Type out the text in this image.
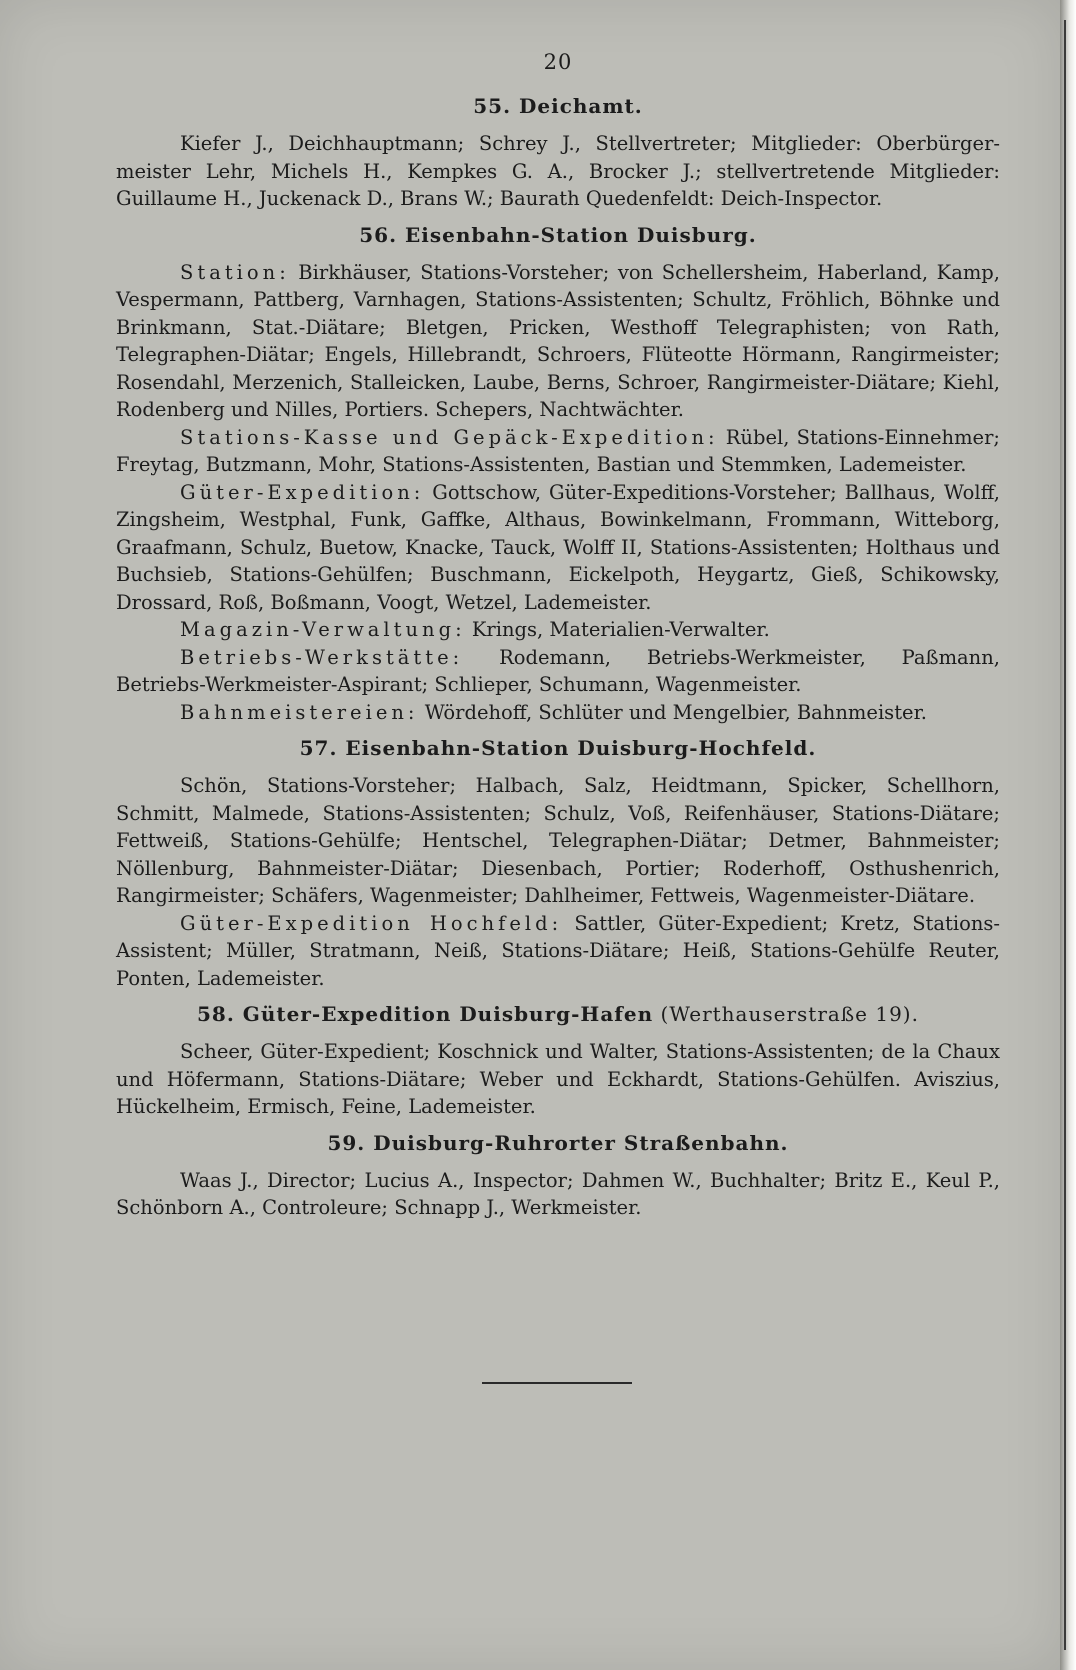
20
55. Deichamt.

Kiefer J., Deichhauptmann; Schrey J., Stellvertreter; Mitglieder: Oberbürger-meister Lehr, Michels H., Kempkes G. A., Brocker J.; stellvertretende Mitglieder: Guillaume H., Juckenack D., Brans W.; Baurath Quedenfeldt: Deich-Inspector.

56. Eisenbahn-Station Duisburg.

Station: Birkhäuser, Stations-Vorsteher; von Schellersheim, Haberland, Kamp, Vespermann, Pattberg, Varnhagen, Stations-Assistenten; Schultz, Fröhlich, Böhnke und Brinkmann, Stat.-Diätare; Bletgen, Pricken, Westhoff Telegraphisten; von Rath, Telegraphen-Diätar; Engels, Hillebrandt, Schroers, Flüteotte Hörmann, Rangirmeister; Rosendahl, Merzenich, Stalleicken, Laube, Berns, Schroer, Rangirmeister-Diätare; Kiehl, Rodenberg und Nilles, Portiers. Schepers, Nachtwächter.

Stations-Kasse und Gepäck-Expedition: Rübel, Stations-Einnehmer; Freytag, Butzmann, Mohr, Stations-Assistenten, Bastian und Stemmken, Lademeister.

Güter-Expedition: Gottschow, Güter-Expeditions-Vorsteher; Ballhaus, Wolff, Zingsheim, Westphal, Funk, Gaffke, Althaus, Bowinkelmann, Frommann, Witteborg, Graafmann, Schulz, Buetow, Knacke, Tauck, Wolff II, Stations-Assistenten; Holthaus und Buchsieb, Stations-Gehülfen; Buschmann, Eickelpoth, Heygartz, Gieß, Schikowsky, Drossard, Roß, Boßmann, Voogt, Wetzel, Lademeister.

Magazin-Verwaltung: Krings, Materialien-Verwalter.

Betriebs-Werkstätte: Rodemann, Betriebs-Werkmeister, Paßmann, Betriebs-Werkmeister-Aspirant; Schlieper, Schumann, Wagenmeister.

Bahnmeistereien: Wördehoff, Schlüter und Mengelbier, Bahnmeister.

57. Eisenbahn-Station Duisburg-Hochfeld.

Schön, Stations-Vorsteher; Halbach, Salz, Heidtmann, Spicker, Schellhorn, Schmitt, Malmede, Stations-Assistenten; Schulz, Voß, Reifenhäuser, Stations-Diätare; Fettweiß, Stations-Gehülfe; Hentschel, Telegraphen-Diätar; Detmer, Bahnmeister; Nöllenburg, Bahnmeister-Diätar; Diesenbach, Portier; Roderhoff, Osthushenrich, Rangirmeister; Schäfers, Wagenmeister; Dahlheimer, Fettweis, Wagenmeister-Diätare.

Güter-Expedition Hochfeld: Sattler, Güter-Expedient; Kretz, Stations-Assistent; Müller, Stratmann, Neiß, Stations-Diätare; Heiß, Stations-Gehülfe Reuter, Ponten, Lademeister.

58. Güter-Expedition Duisburg-Hafen (Werthauserstraße 19).

Scheer, Güter-Expedient; Koschnick und Walter, Stations-Assistenten; de la Chaux und Höfermann, Stations-Diätare; Weber und Eckhardt, Stations-Gehülfen. Aviszius, Hückelheim, Ermisch, Feine, Lademeister.

59. Duisburg-Ruhrorter Straßenbahn.

Waas J., Director; Lucius A., Inspector; Dahmen W., Buchhalter; Britz E., Keul P., Schönborn A., Controleure; Schnapp J., Werkmeister.
